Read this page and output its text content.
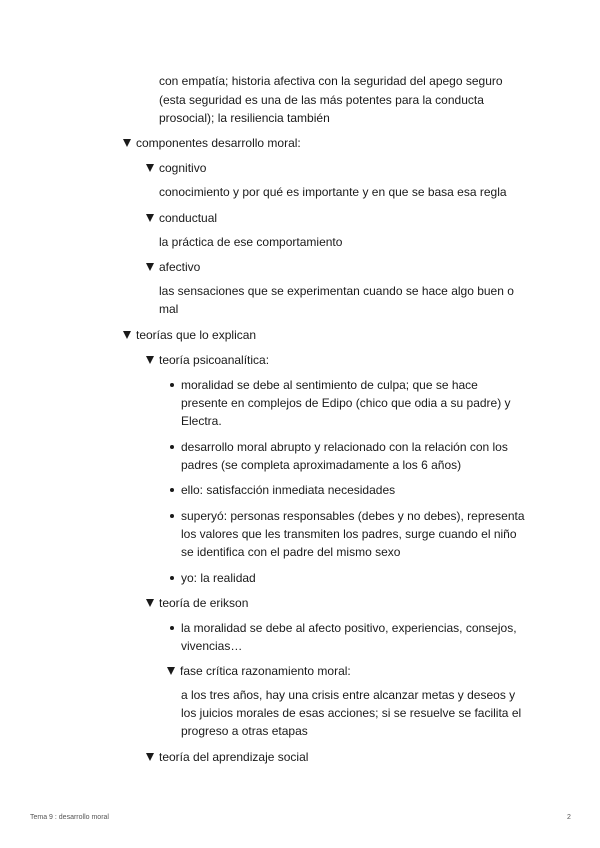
con empatía; historia afectiva con la seguridad del apego seguro
(esta seguridad es una de las más potentes para la conducta
prosocial); la resiliencia también
componentes desarrollo moral:
cognitivo
conocimiento y por qué es importante y en que se basa esa regla
conductual
la práctica de ese comportamiento
afectivo
las sensaciones que se experimentan cuando se hace algo buen o
mal
teorías que lo explican
teoría psicoanalítica:
moralidad se debe al sentimiento de culpa; que se hace
presente en complejos de Edipo (chico que odia a su padre) y
Electra.
desarrollo moral abrupto y relacionado con la relación con los
padres (se completa aproximadamente a los 6 años)
ello: satisfacción inmediata necesidades
superyó: personas responsables (debes y no debes), representa
los valores que les transmiten los padres, surge cuando el niño
se identifica con el padre del mismo sexo
yo: la realidad
teoría de erikson
la moralidad se debe al afecto positivo, experiencias, consejos,
vivencias…
fase crítica razonamiento moral:
a los tres años, hay una crisis entre alcanzar metas y deseos y
los juicios morales de esas acciones; si se resuelve se facilita el
progreso a otras etapas
teoría del aprendizaje social
Tema 9 : desarrollo moral	2
